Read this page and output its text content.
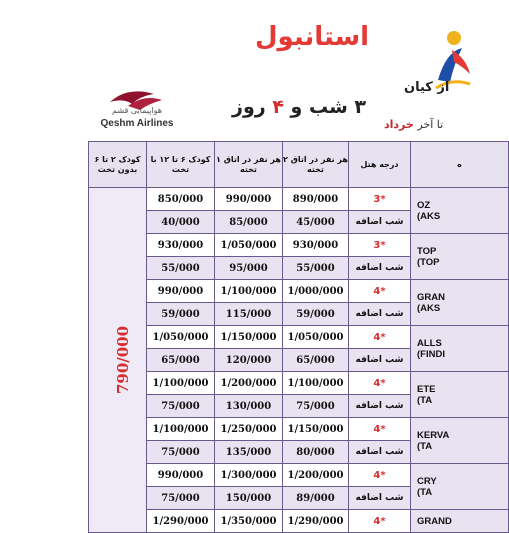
از کیان
استانبول
۳ شب و ۴ روز
تا آخر خرداد
هواپیمایی قشم
Qeshm Airlines
کودک ۲ تا ۶ بدون تخت	کودک ۶ تا ۱۲ با تخت	هر نفر در اتاق ۱ تخته	هر نفر در اتاق ۲ تخته	درجه هتل	ه
790/000	850/000	990/000	890/000	3*	OZ
(AKS

	40/000	85/000	45/000	شب اضافه	
	930/000	1/050/000	930/000	3*	TOP
(TOP

	55/000	95/000	55/000	شب اضافه	
	990/000	1/100/000	1/000/000	4*	GRAN
(AKS

	59/000	115/000	59/000	شب اضافه	
	1/050/000	1/150/000	1/050/000	4*	ALLS
(FINDI

	65/000	120/000	65/000	شب اضافه	
	1/100/000	1/200/000	1/100/000	4*	ETE
(TA

	75/000	130/000	75/000	شب اضافه	
	1/100/000	1/250/000	1/150/000	4*	KERVA
(TA

	75/000	135/000	80/000	شب اضافه	
	990/000	1/300/000	1/200/000	4*	CRY
(TA

	75/000	150/000	89/000	شب اضافه	
	1/290/000	1/350/000	1/290/000	4*	GRAND
